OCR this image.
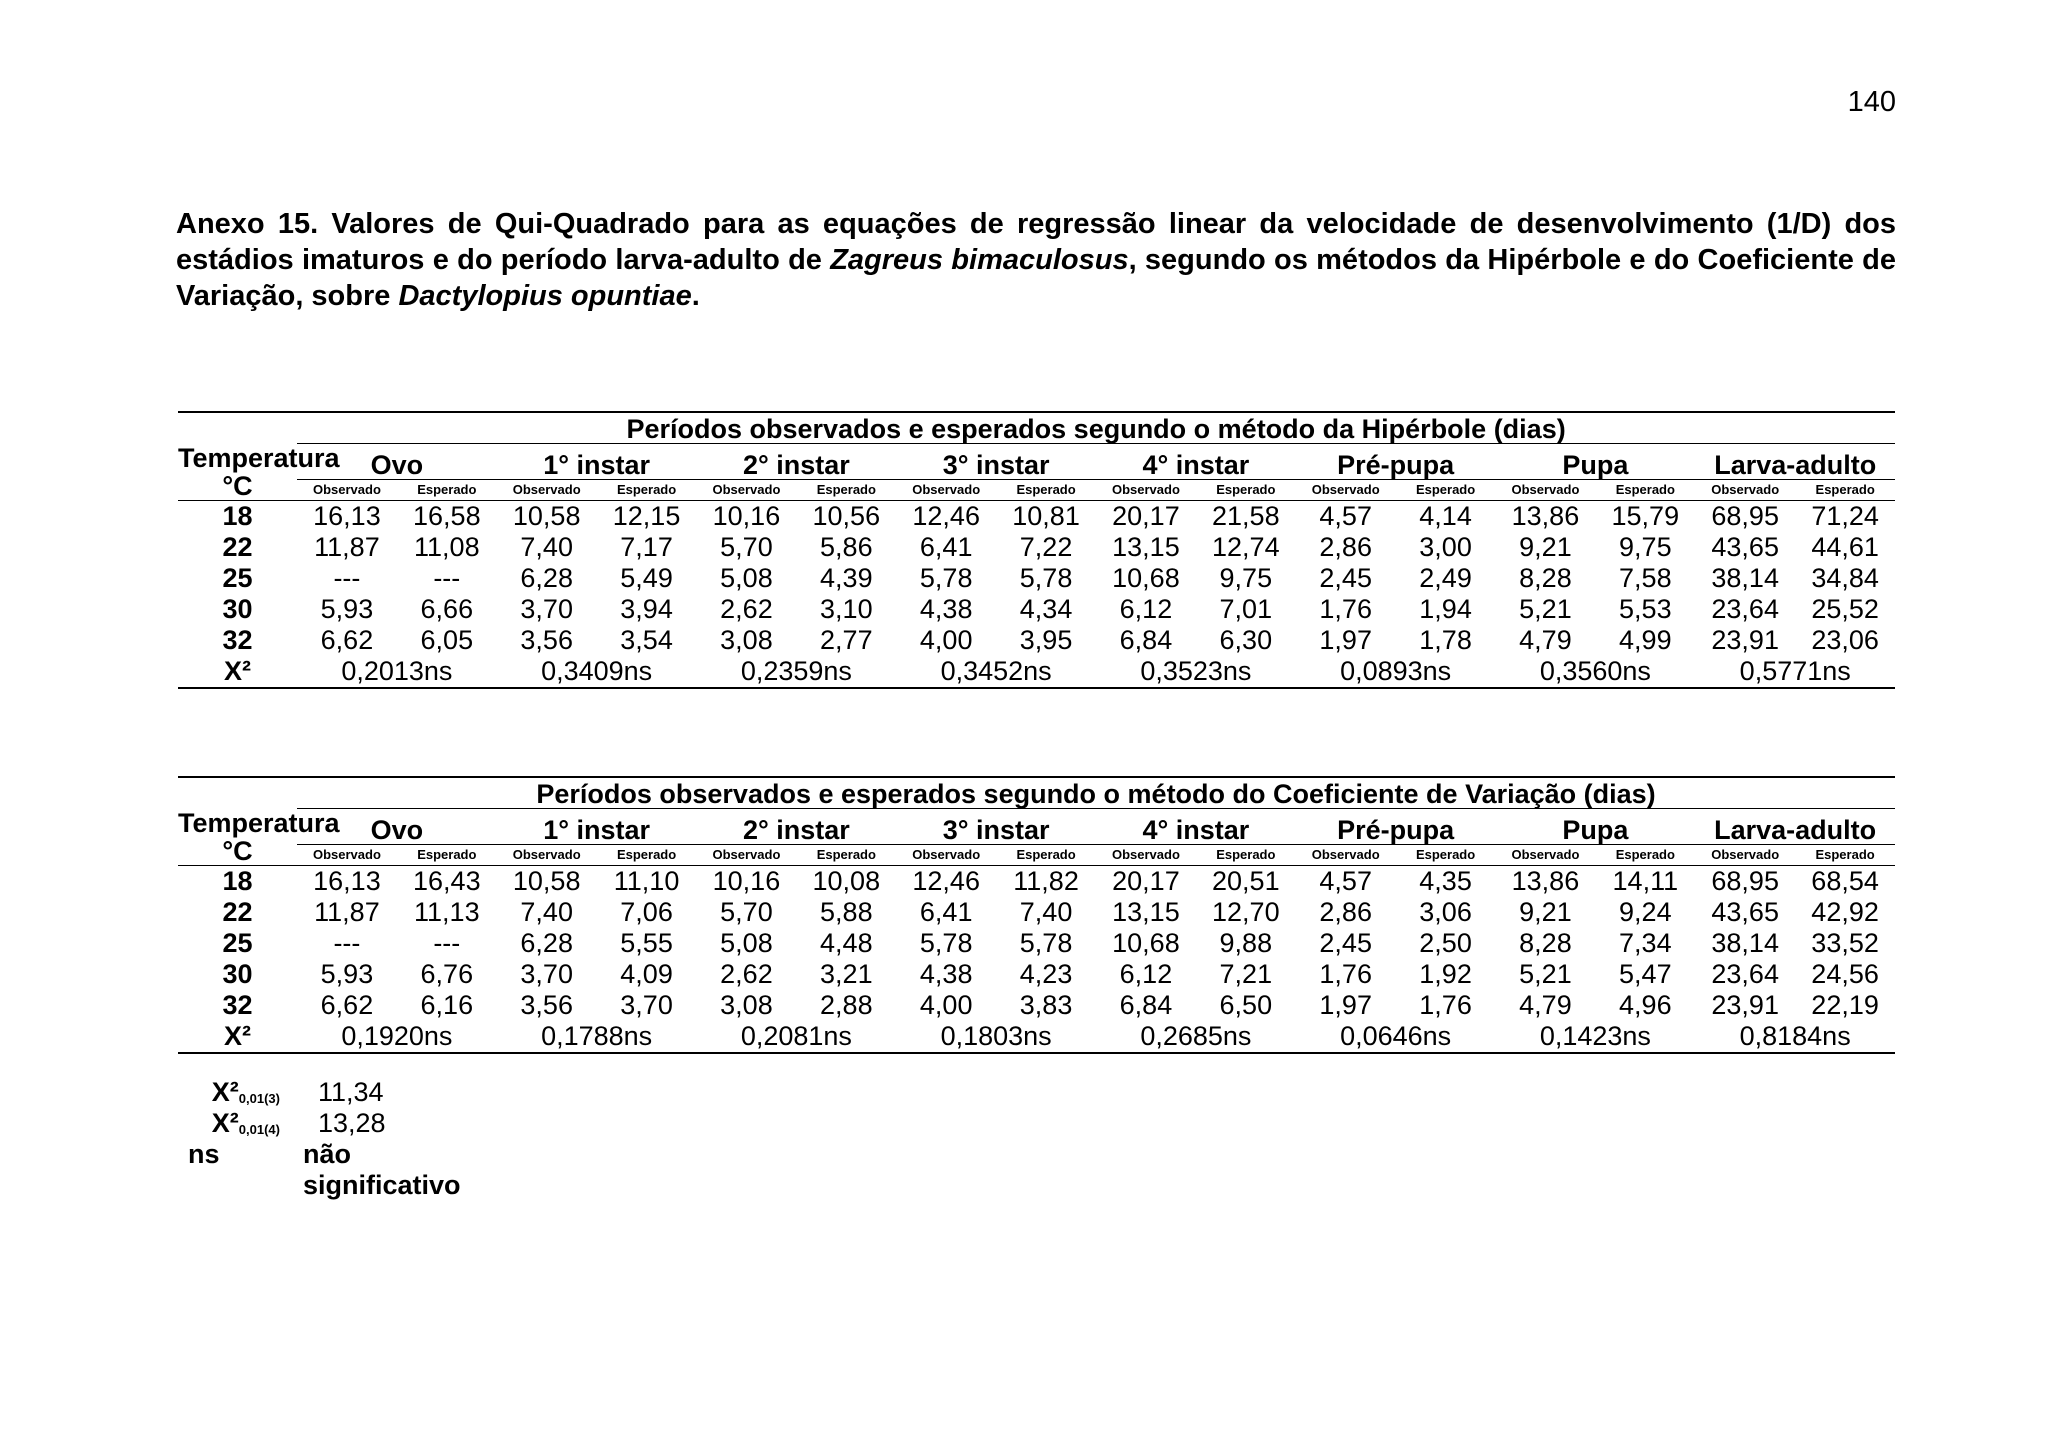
140
Anexo 15. Valores de Qui-Quadrado para as equações de regressão linear da velocidade de desenvolvimento (1/D) dos estádios imaturos e do período larva-adulto de Zagreus bimaculosus, segundo os métodos da Hipérbole e do Coeficiente de Variação, sobre Dactylopius opuntiae.
	Períodos observados e esperados segundo o método da Hipérbole (dias)															

Temperatura
°C	Ovo		1° instar		2° instar		3° instar		4° instar		Pré-pupa		Pupa		Larva-adulto	
	Observado	Esperado	Observado	Esperado	Observado	Esperado	Observado	Esperado	Observado	Esperado	Observado	Esperado	Observado	Esperado	Observado	Esperado
18	16,13	16,58	10,58	12,15	10,16	10,56	12,46	10,81	20,17	21,58	4,57	4,14	13,86	15,79	68,95	71,24
22	11,87	11,08	7,40	7,17	5,70	5,86	6,41	7,22	13,15	12,74	2,86	3,00	9,21	9,75	43,65	44,61
25	---	---	6,28	5,49	5,08	4,39	5,78	5,78	10,68	9,75	2,45	2,49	8,28	7,58	38,14	34,84
30	5,93	6,66	3,70	3,94	2,62	3,10	4,38	4,34	6,12	7,01	1,76	1,94	5,21	5,53	23,64	25,52
32	6,62	6,05	3,56	3,54	3,08	2,77	4,00	3,95	6,84	6,30	1,97	1,78	4,79	4,99	23,91	23,06
X²	0,2013ns		0,3409ns		0,2359ns		0,3452ns		0,3523ns		0,0893ns		0,3560ns		0,5771ns	
	Períodos observados e esperados segundo o método do Coeficiente de Variação (dias)															

Temperatura
°C	Ovo		1° instar		2° instar		3° instar		4° instar		Pré-pupa		Pupa		Larva-adulto	
	Observado	Esperado	Observado	Esperado	Observado	Esperado	Observado	Esperado	Observado	Esperado	Observado	Esperado	Observado	Esperado	Observado	Esperado
18	16,13	16,43	10,58	11,10	10,16	10,08	12,46	11,82	20,17	20,51	4,57	4,35	13,86	14,11	68,95	68,54
22	11,87	11,13	7,40	7,06	5,70	5,88	6,41	7,40	13,15	12,70	2,86	3,06	9,21	9,24	43,65	42,92
25	---	---	6,28	5,55	5,08	4,48	5,78	5,78	10,68	9,88	2,45	2,50	8,28	7,34	38,14	33,52
30	5,93	6,76	3,70	4,09	2,62	3,21	4,38	4,23	6,12	7,21	1,76	1,92	5,21	5,47	23,64	24,56
32	6,62	6,16	3,56	3,70	3,08	2,88	4,00	3,83	6,84	6,50	1,97	1,76	4,79	4,96	23,91	22,19
X²	0,1920ns		0,1788ns		0,2081ns		0,1803ns		0,2685ns		0,0646ns		0,1423ns		0,8184ns	
$X^2_{0,01(3)}$ 11,34
$X^2_{0,01(4)}$ 13,28
ns	não significativo
